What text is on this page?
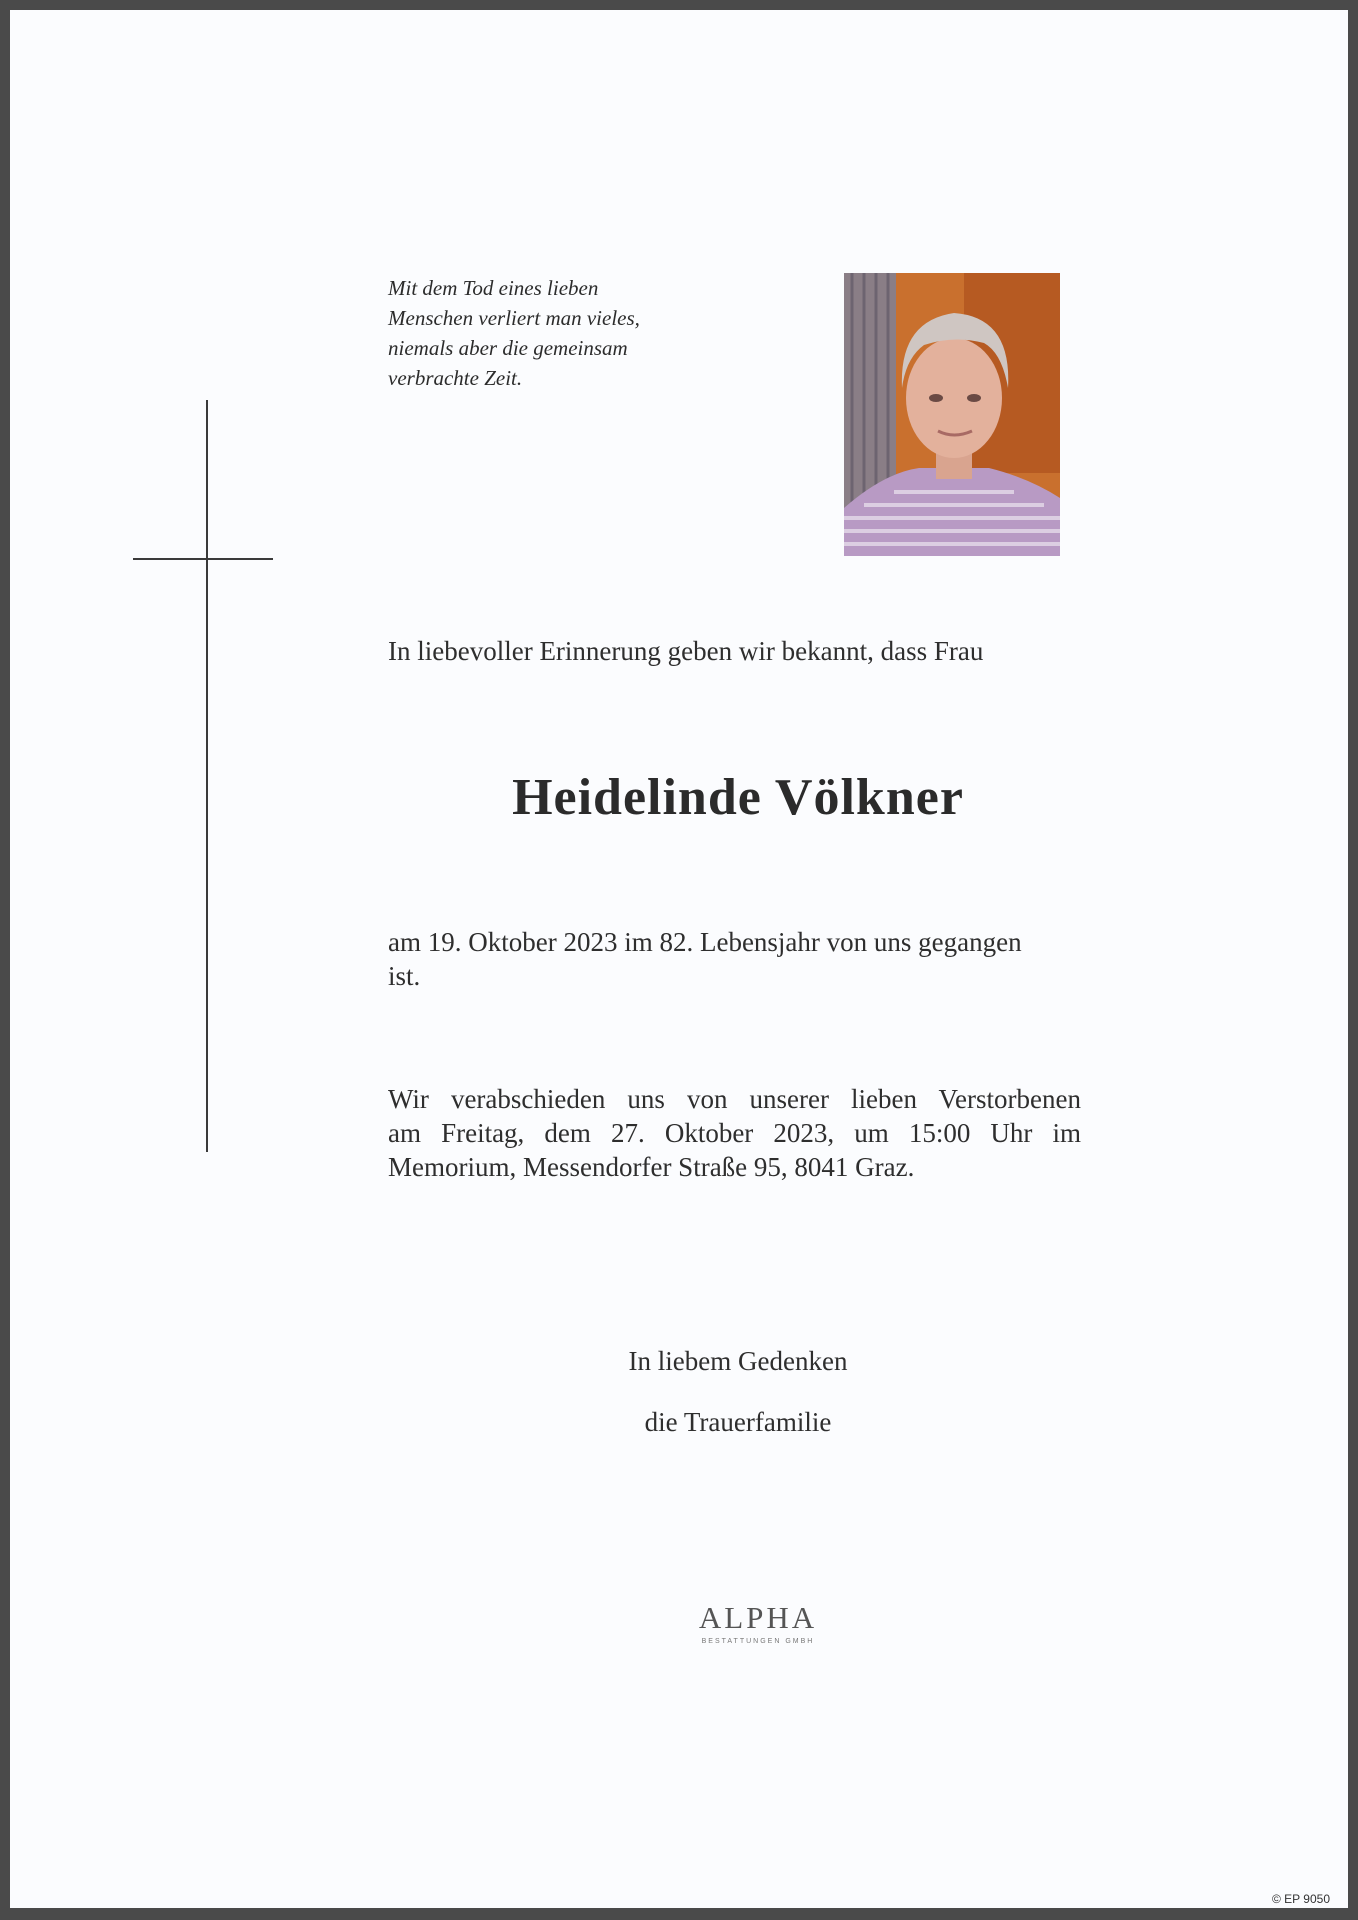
Mit dem Tod eines lieben
Menschen verliert man vieles,
niemals aber die gemeinsam
verbrachte Zeit.
In liebevoller Erinnerung geben wir bekannt, dass Frau
Heidelinde Völkner
am 19. Oktober 2023 im 82. Lebensjahr von uns gegangen
ist.
Wir verabschieden uns von unserer lieben Verstorbenen
am Freitag, dem 27. Oktober 2023, um 15:00 Uhr im
Memorium, Messendorfer Straße 95, 8041 Graz.
In liebem Gedenken
die Trauerfamilie
ALPHA
BESTATTUNGEN GMBH
© EP 9050
